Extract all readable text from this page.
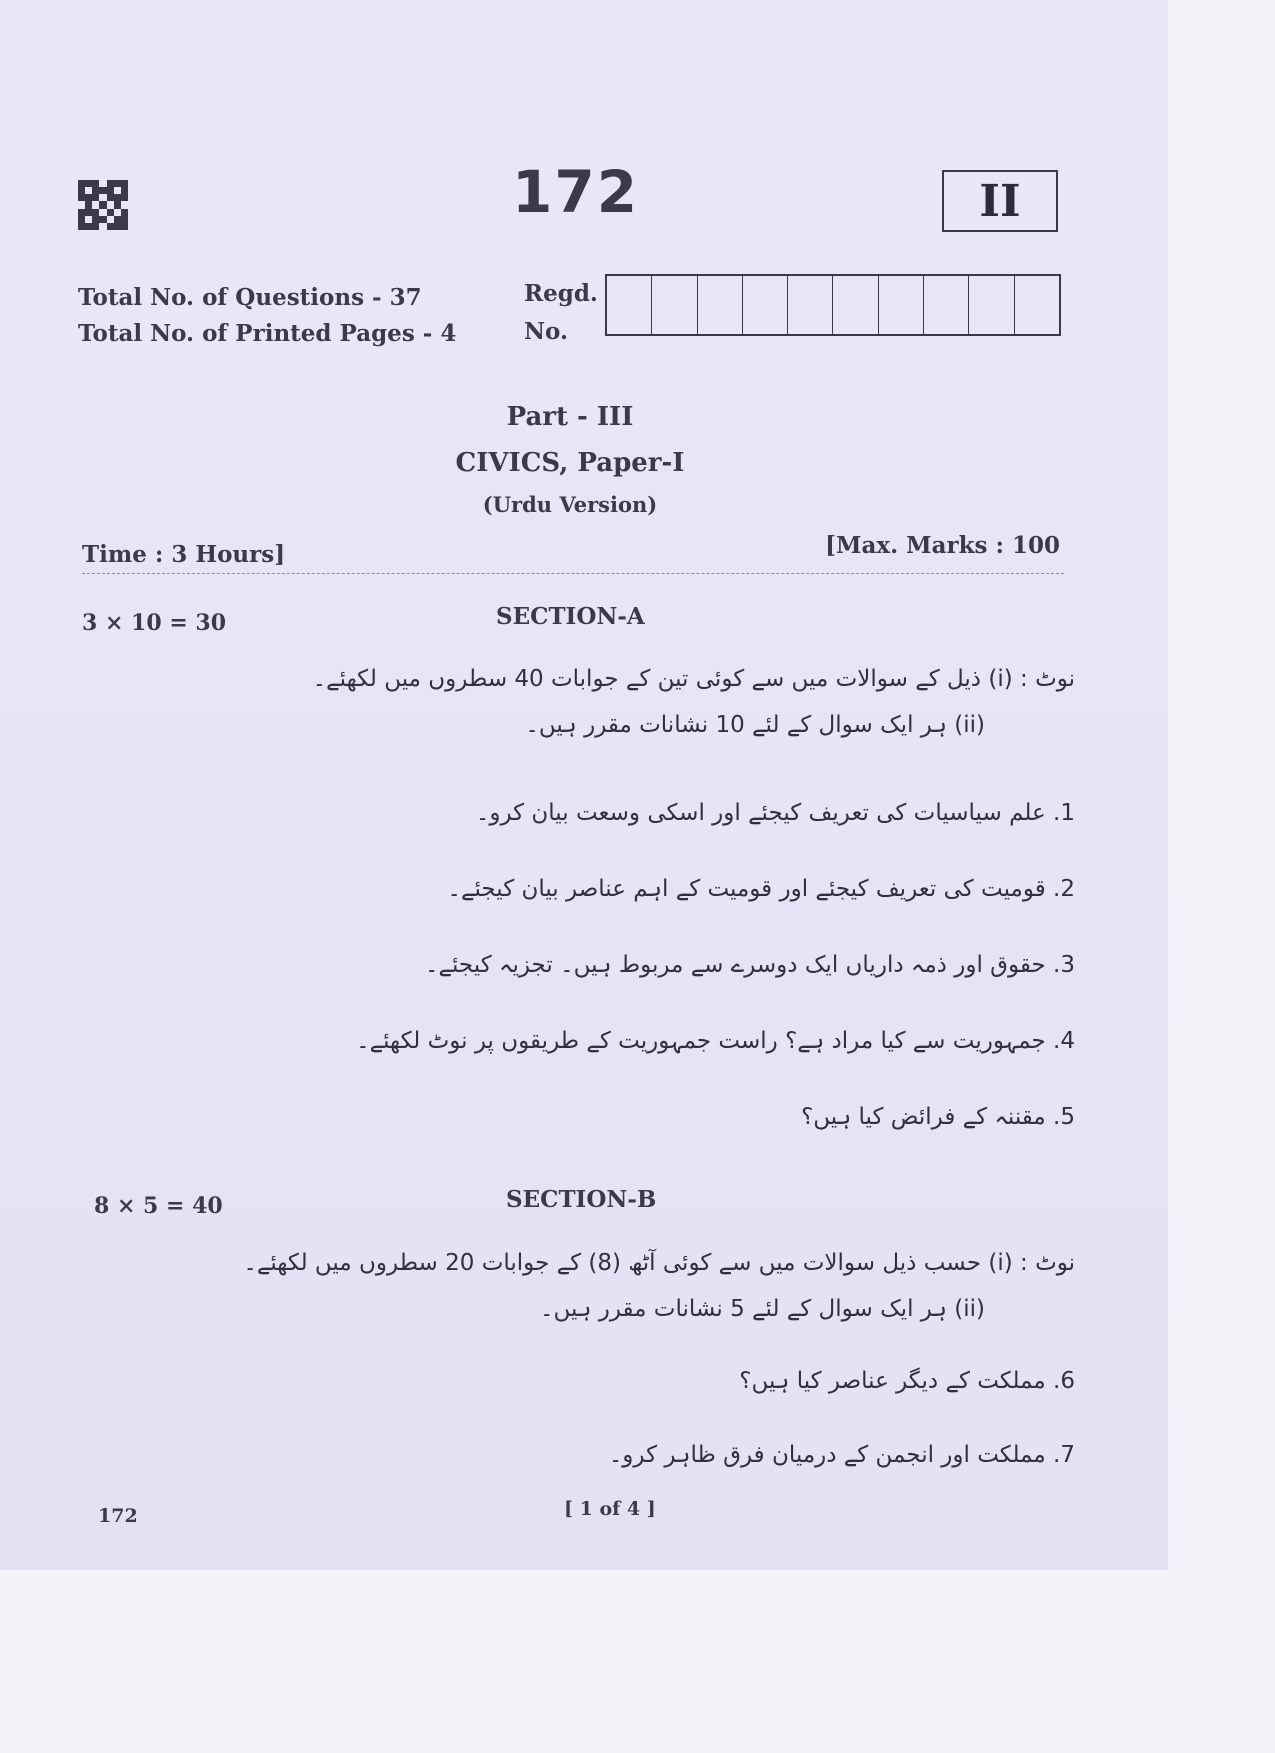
172	II
Total No. of Questions - 37
Total No. of Printed Pages - 4
Regd.
No.
Part - III
CIVICS, Paper-I
(Urdu Version)
Time : 3 Hours]	[Max. Marks : 100
3 × 10 = 30	SECTION-A
نوٹ : (i) ذیل کے سوالات میں سے کوئی تین کے جوابات 40 سطروں میں لکھئے۔
(ii) ہر ایک سوال کے لئے 10 نشانات مقرر ہیں۔
1. علم سیاسیات کی تعریف کیجئے اور اسکی وسعت بیان کرو۔
2. قومیت کی تعریف کیجئے اور قومیت کے اہم عناصر بیان کیجئے۔
3. حقوق اور ذمہ داریاں ایک دوسرے سے مربوط ہیں۔ تجزیہ کیجئے۔
4. جمہوریت سے کیا مراد ہے؟ راست جمہوریت کے طریقوں پر نوٹ لکھئے۔
5. مقننہ کے فرائض کیا ہیں؟
8 × 5 = 40	SECTION-B
نوٹ : (i) حسب ذیل سوالات میں سے کوئی آٹھ (8) کے جوابات 20 سطروں میں لکھئے۔
(ii) ہر ایک سوال کے لئے 5 نشانات مقرر ہیں۔
6. مملکت کے دیگر عناصر کیا ہیں؟
7. مملکت اور انجمن کے درمیان فرق ظاہر کرو۔
172	[ 1 of 4 ]
